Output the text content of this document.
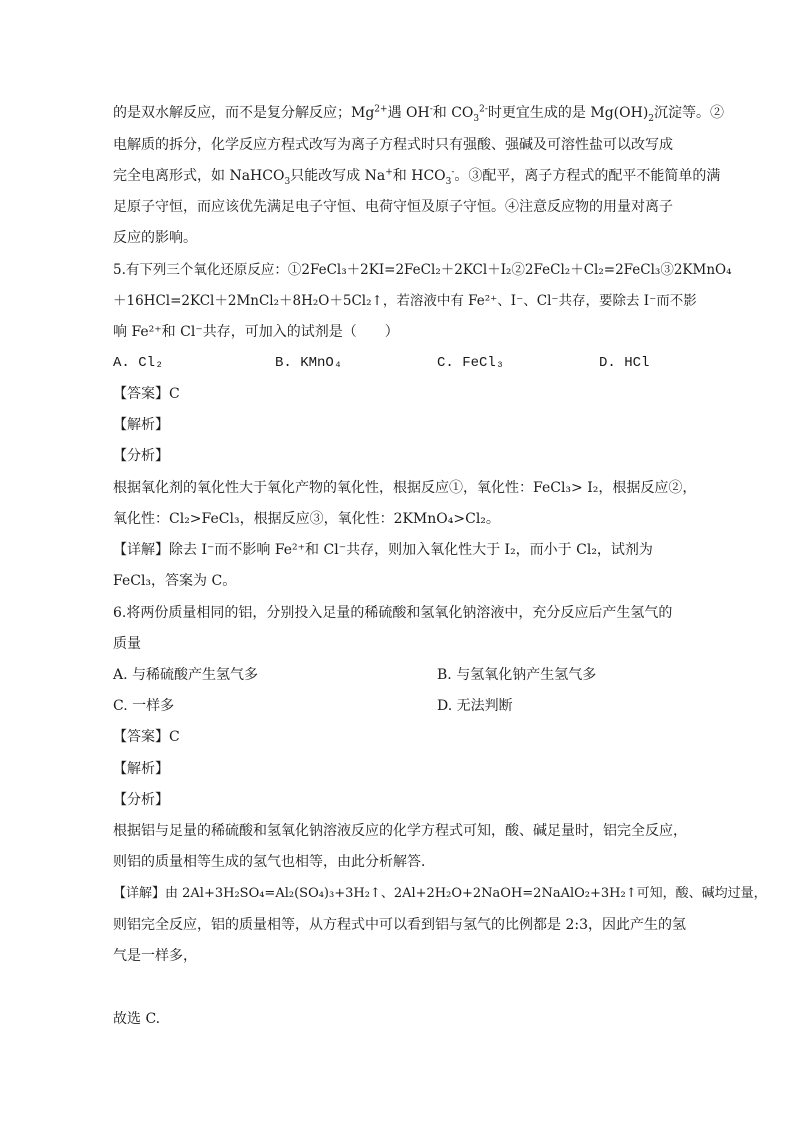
的是双水解反应，而不是复分解反应；$Mg^{2+}$遇 OH-和 $CO_3^{2-}$时更宜生成的是 $Mg(OH)_2$沉淀等。②
电解质的拆分，化学反应方程式改写为离子方程式时只有强酸、强碱及可溶性盐可以改写成
完全电离形式，如 NaHCO$_3$只能改写成 Na+和 $HCO_3^-$。③配平，离子方程式的配平不能简单的满
足原子守恒，而应该优先满足电子守恒、电荷守恒及原子守恒。④注意反应物的用量对离子
反应的影响。
5.有下列三个氧化还原反应：①2FeCl₃＋2KI=2FeCl₂＋2KCl＋I₂②2FeCl₂＋Cl₂=2FeCl₃③2KMnO₄
＋16HCl=2KCl＋2MnCl₂＋8H₂O＋5Cl₂↑，若溶液中有 Fe²⁺、I⁻、Cl⁻共存，要除去 I⁻而不影
响 Fe²⁺和 Cl⁻共存，可加入的试剂是（　　）
A. Cl₂	B. KMnO₄	C. FeCl₃	D. HCl
【答案】C
【解析】
【分析】
根据氧化剂的氧化性大于氧化产物的氧化性，根据反应①，氧化性：FeCl₃> I₂，根据反应②，
氧化性：Cl₂>FeCl₃，根据反应③，氧化性：2KMnO₄>Cl₂。
【详解】除去 I⁻而不影响 Fe²⁺和 Cl⁻共存，则加入氧化性大于 I₂，而小于 Cl₂，试剂为
FeCl₃，答案为 C。
6.将两份质量相同的铝，分别投入足量的稀硫酸和氢氧化钠溶液中，充分反应后产生氢气的
质量
A. 与稀硫酸产生氢气多	B. 与氢氧化钠产生氢气多
C. 一样多	D. 无法判断
【答案】C
【解析】
【分析】
根据铝与足量的稀硫酸和氢氧化钠溶液反应的化学方程式可知，酸、碱足量时，铝完全反应，
则铝的质量相等生成的氢气也相等，由此分析解答．
【详解】由 2Al+3H₂SO₄=Al₂(SO₄)₃+3H₂↑、2Al+2H₂O+2NaOH=2NaAlO₂+3H₂↑可知，酸、碱均过量，
则铝完全反应，铝的质量相等，从方程式中可以看到铝与氢气的比例都是 2:3，因此产生的氢
气是一样多，
故选 C.
